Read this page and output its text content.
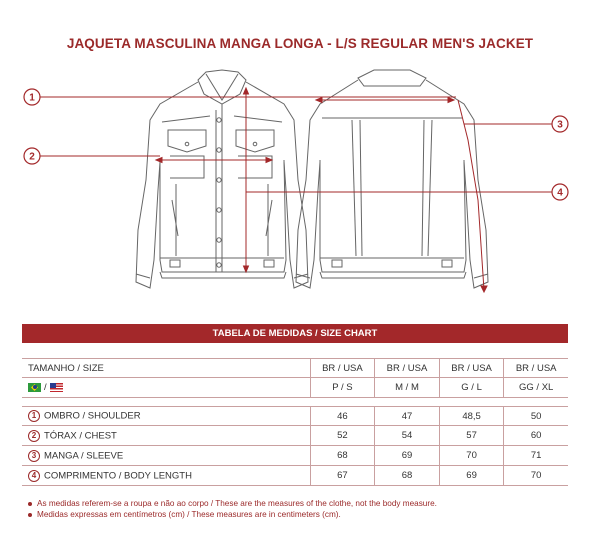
JAQUETA MASCULINA MANGA LONGA - L/S REGULAR MEN'S JACKET
1
2
3
4
TABELA DE MEDIDAS / SIZE CHART
TAMANHO / SIZE	BR / USA	BR / USA	BR / USA	BR / USA
/	P / S	M / M	G / L	GG / XL

1 OMBRO / SHOULDER	46	47	48,5	50
2 TÓRAX / CHEST	52	54	57	60
3 MANGA / SLEEVE	68	69	70	71
4 COMPRIMENTO / BODY LENGTH	67	68	69	70
As medidas referem-se a roupa e não ao corpo / These are the measures of the clothe, not the body measure.
Medidas expressas em centímetros (cm) / These measures are in centimeters (cm).
